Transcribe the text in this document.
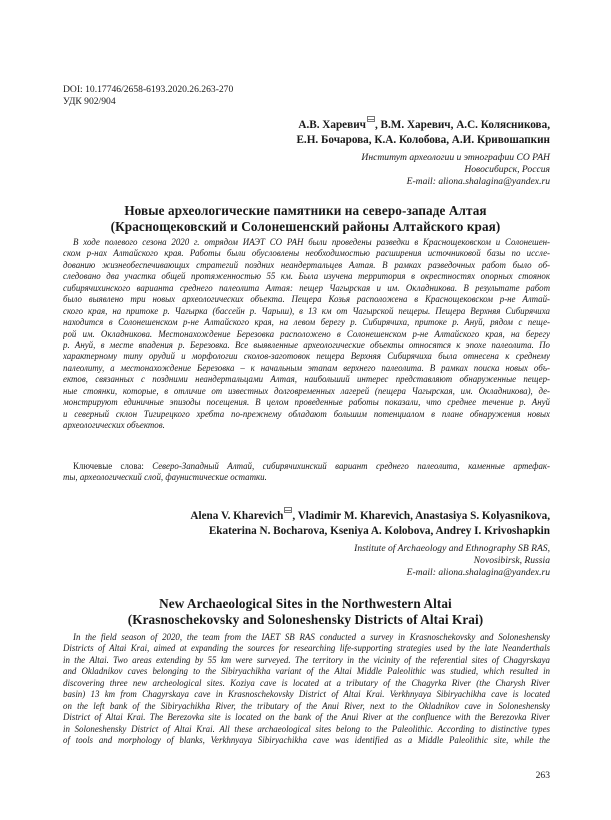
DOI: 10.17746/2658-6193.2020.26.263-270
УДК 902/904
А.В. Харевич , В.М. Харевич, А.С. Колясникова,
Е.Н. Бочарова, К.А. Колобова, А.И. Кривошапкин
Институт археологии и этнографии СО РАН
Новосибирск, Россия
E-mail: aliona.shalagina@yandex.ru
Новые археологические памятники на северо-западе Алтая
(Краснощековский и Солонешенский районы Алтайского края)
В ходе полевого сезона 2020 г. отрядом ИАЭТ СО РАН были проведены разведки в Краснощековском и Солонешен-
ском р-нах Алтайского края. Работы были обусловлены необходимостью расширения источниковой базы по иссле-
дованию жизнеобеспечивающих стратегий поздних неандертальцев Алтая. В рамках разведочных работ было об-
следовано два участка общей протяженностью 55 км. Была изучена территория в окрестностях опорных стоянок
сибирячихинского варианта среднего палеолита Алтая: пещер Чагырская и им. Окладникова. В результате работ
было выявлено три новых археологических объекта. Пещера Козья расположена в Краснощековском р-не Алтай-
ского края, на притоке р. Чагырка (бассейн р. Чарыш), в 13 км от Чагырской пещеры. Пещера Верхняя Сибирячиха
находится в Солонешенском р-не Алтайского края, на левом берегу р. Сибирячиха, притоке р. Ануй, рядом с пеще-
рой им. Окладникова. Местонахождение Березовка расположено в Солонешенском р-не Алтайского края, на берегу
р. Ануй, в месте впадения р. Березовка. Все выявленные археологические объекты относятся к эпохе палеолита. По
характерному типу орудий и морфологии сколов-заготовок пещера Верхняя Сибирячиха была отнесена к среднему
палеолиту, а местонахождение Березовка – к начальным этапам верхнего палеолита. В рамках поиска новых объ-
ектов, связанных с поздними неандертальцами Алтая, наибольший интерес представляют обнаруженные пещер-
ные стоянки, которые, в отличие от известных долговременных лагерей (пещера Чагырская, им. Окладникова), де-
монстрируют единичные эпизоды посещения. В целом проведенные работы показали, что среднее течение р. Ануй
и северный склон Тигирецкого хребта по-прежнему обладают большим потенциалом в плане обнаружения новых
археологических объектов.
Ключевые слова: Северо-Западный Алтай, сибирячихинский вариант среднего палеолита, каменные артефак-
ты, археологический слой, фаунистические остатки.
Alena V. Kharevich , Vladimir M. Kharevich, Anastasiya S. Kolyasnikova,
Ekaterina N. Bocharova, Kseniya A. Kolobova, Andrey I. Krivoshapkin
Institute of Archaeology and Ethnography SB RAS,
Novosibirsk, Russia
E-mail: aliona.shalagina@yandex.ru
New Archaeological Sites in the Northwestern Altai
(Krasnoschekovsky and Soloneshensky Districts of Altai Krai)
In the field season of 2020, the team from the IAET SB RAS conducted a survey in Krasnoschekovsky and Soloneshensky
Districts of Altai Krai, aimed at expanding the sources for researching life-supporting strategies used by the late Neanderthals
in the Altai. Two areas extending by 55 km were surveyed. The territory in the vicinity of the referential sites of Chagyrskaya
and Okladnikov caves belonging to the Sibiryachikha variant of the Altai Middle Paleolithic was studied, which resulted in
discovering three new archeological sites. Koziya cave is located at a tributary of the Chagyrka River (the Charysh River
basin) 13 km from Chagyrskaya cave in Krasnoschekovsky District of Altai Krai. Verkhnyaya Sibiryachikha cave is located
on the left bank of the Sibiryachikha River, the tributary of the Anui River, next to the Okladnikov cave in Soloneshensky
District of Altai Krai. The Berezovka site is located on the bank of the Anui River at the confluence with the Berezovka River
in Soloneshensky District of Altai Krai. All these archaeological sites belong to the Paleolithic. According to distinctive types
of tools and morphology of blanks, Verkhnyaya Sibiryachikha cave was identified as a Middle Paleolithic site, while the
263
